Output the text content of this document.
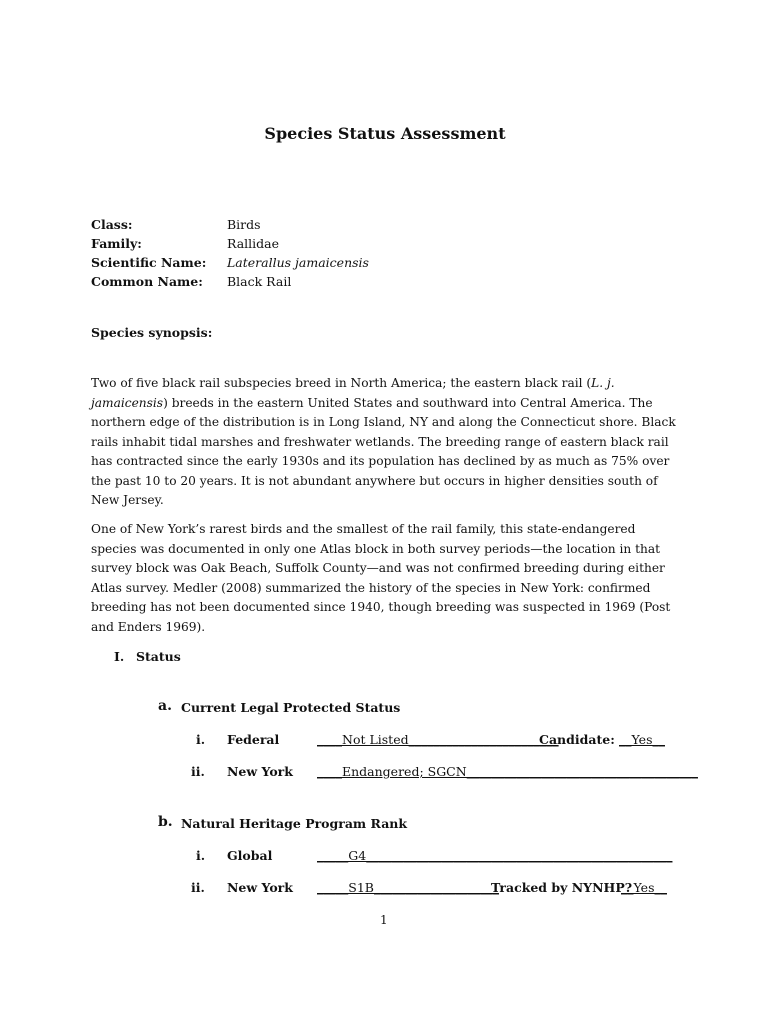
Species Status Assessment
Class:	Birds
Family:	Rallidae
Scientific Name: Laterallus jamaicensis
Common Name: Black Rail
Species synopsis:
Two of five black rail subspecies breed in North America; the eastern black rail (L. j. jamaicensis) breeds in the eastern United States and southward into Central America. The northern edge of the distribution is in Long Island, NY and along the Connecticut shore. Black rails inhabit tidal marshes and freshwater wetlands. The breeding range of eastern black rail has contracted since the early 1930s and its population has declined by as much as 75% over the past 10 to 20 years. It is not abundant anywhere but occurs in higher densities south of New Jersey.
One of New York’s rarest birds and the smallest of the rail family, this state-endangered species was documented in only one Atlas block in both survey periods—the location in that survey block was Oak Beach, Suffolk County—and was not confirmed breeding during either Atlas survey. Medler (2008) summarized the history of the species in New York: confirmed breeding has not been documented since 1940, though breeding was suspected in 1969 (Post and Enders 1969).
I. Status
a. Current Legal Protected Status
i. Federal	____Not Listed________________________
Candidate: __Yes__
ii. New York ____Endangered; SGCN_____________________________________
b. Natural Heritage Program Rank
i. Global	_____G4_________________________________________________
ii. New York _____S1B____________________
Tracked by NYNHP?
__Yes__
1
